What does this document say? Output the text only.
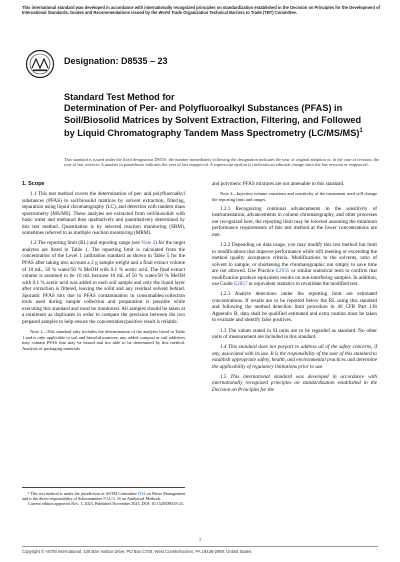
This international standard was developed in accordance with internationally recognized principles on standardization established in the Decision on Principles for the Development of International Standards, Guides and Recommendations issued by the World Trade Organization Technical Barriers to Trade (TBT) Committee.
Designation: D8535 – 23
Standard Test Method for
Determination of Per- and Polyfluoroalkyl Substances (PFAS) in Soil/Biosolid Matrices by Solvent Extraction, Filtering, and Followed by Liquid Chromatography Tandem Mass Spectrometry $(LC/MS/MS)^1$
This standard is issued under the fixed designation D8535; the number immediately following the designation indicates the year of original adoption or, in the case of revision, the year of last revision. A number in parentheses indicates the year of last reapproval. A superscript epsilon (ε) indicates an editorial change since the last revision or reapproval.
1. Scope

1.1 This test method covers the determination of per- and polyfluoroalkyl substances (PFAS) in soil/biosolid matrices by solvent extraction, filtering, separation using liquid chromatography (LC), and detection with tandem mass spectrometry (MS/MS). These analytes are extracted from soil/biosolids with basic water and methanol then qualitatively and quantitatively determined by this test method. Quantitation is by selected reaction monitoring (SRM), sometimes referred to as multiple reaction monitoring (MRM).

1.2 The reporting limit (RL) and reporting range (see Note 2) for the target analytes are listed in Table 1. The reporting limit is calculated from the concentration of the Level 1 calibration standard as shown in Table 5 for the PFAS after taking into account a 2 g sample weight and a final extract volume of 10 mL, 50 % water/50 % MeOH with 0.1 % acetic acid. The final extract volume is assumed to be 10 mL because 10 mL of 50 % water/50 % MeOH with 0.1 % acetic acid was added to each soil sample and only the liquid layer after extraction is filtered, leaving the solid and any residual solvent behind. Sporadic PFAS hits due to PFAS contamination in consumables/collection tools used during sample collection and preparation is possible while executing this standard and must be monitored. All samples should be taken at a minimum as duplicates in order to compare the precision between the two prepared samples to help ensure the concentration/positive result is reliable.

Note 1—This standard only includes the determination of the analytes listed in Table 1 and is only applicable to soil and biosolid matrices; any added compost or soil additives may contain PFAS that may be bound and not able to be determined by this method. Analysis of packaging materials

¹ This test method is under the jurisdiction of ASTM Committee D34 on Waste Management and is the direct responsibility of Subcommittee D34.01.06 on Analytical Methods.

Current edition approved Nov. 1, 2023. Published November 2023. DOI: 10.1520/D8535-23.

and polymeric PFAS mixtures are not amenable to this standard.

Note 2—Injection volume variations and sensitivity of the instrument used will change the reporting limit and ranges.

1.2.1 Recognizing continual advancements in the sensitivity of instrumentation, advancements in column chromatography, and other processes not recognized here, the reporting limit may be lowered assuming the minimum performance requirements of this test method at the lower concentrations are met.

1.2.2 Depending on data usage, you may modify this test method but limit to modifications that improve performance while still meeting or exceeding the method quality acceptance criteria. Modifications to the solvents, ratio of solvent to sample, or shortening the chromatographic run simply to save time are not allowed. Use Practice E2935 or similar statistical tests to confirm that modification produce equivalent results on non-interfering samples. In addition, use Guide E2857 or equivalent statistics to revalidate the modified test.

1.2.3 Analyte detections under the reporting limit are estimated concentrations. If results are to be reported below the RL using this standard and following the method detection limit procedure in 40 CFR Part 136 Appendix B, data shall be qualified estimated and extra caution must be taken to evaluate and identify false positives.

1.3 The values stated in SI units are to be regarded as standard. No other units of measurement are included in this standard.

1.4 This standard does not purport to address all of the safety concerns, if any, associated with its use. It is the responsibility of the user of this standard to establish appropriate safety, health, and environmental practices and determine the applicability of regulatory limitations prior to use.

1.5 This international standard was developed in accordance with internationally recognized principles on standardization established in the Decision on Principles for the

1
Copyright © ASTM International, 100 Barr Harbor Drive, PO Box C700, West Conshohocken, PA 19428-2959. United States
